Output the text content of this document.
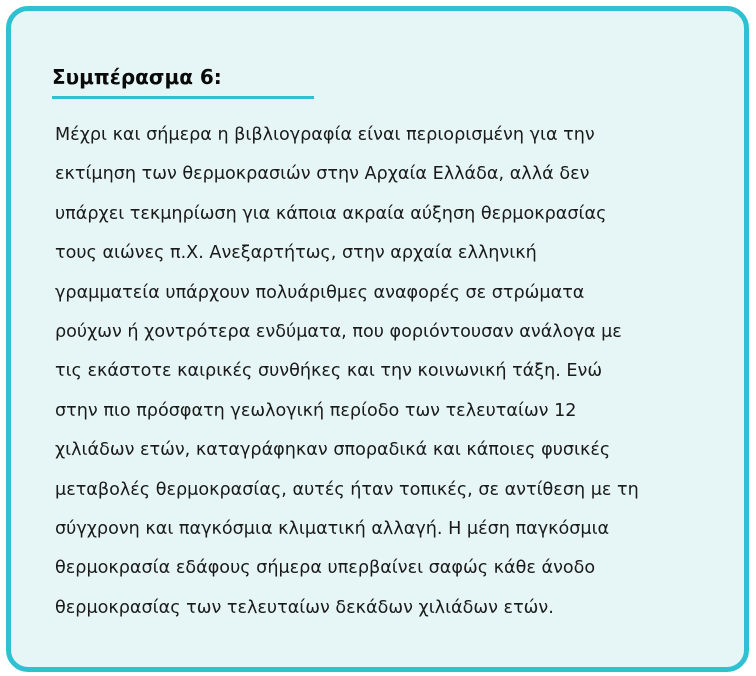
Συμπέρασμα 6:

Μέχρι και σήμερα η βιβλιογραφία είναι περιορισμένη για την
εκτίμηση των θερμοκρασιών στην Αρχαία Ελλάδα, αλλά δεν
υπάρχει τεκμηρίωση για κάποια ακραία αύξηση θερμοκρασίας
τους αιώνες π.Χ. Ανεξαρτήτως, στην αρχαία ελληνική
γραμματεία υπάρχουν πολυάριθμες αναφορές σε στρώματα
ρούχων ή χοντρότερα ενδύματα, που φοριόντουσαν ανάλογα με
τις εκάστοτε καιρικές συνθήκες και την κοινωνική τάξη. Ενώ
στην πιο πρόσφατη γεωλογική περίοδο των τελευταίων 12
χιλιάδων ετών, καταγράφηκαν σποραδικά και κάποιες φυσικές
μεταβολές θερμοκρασίας, αυτές ήταν τοπικές, σε αντίθεση με τη
σύγχρονη και παγκόσμια κλιματική αλλαγή. Η μέση παγκόσμια
θερμοκρασία εδάφους σήμερα υπερβαίνει σαφώς κάθε άνοδο
θερμοκρασίας των τελευταίων δεκάδων χιλιάδων ετών.
